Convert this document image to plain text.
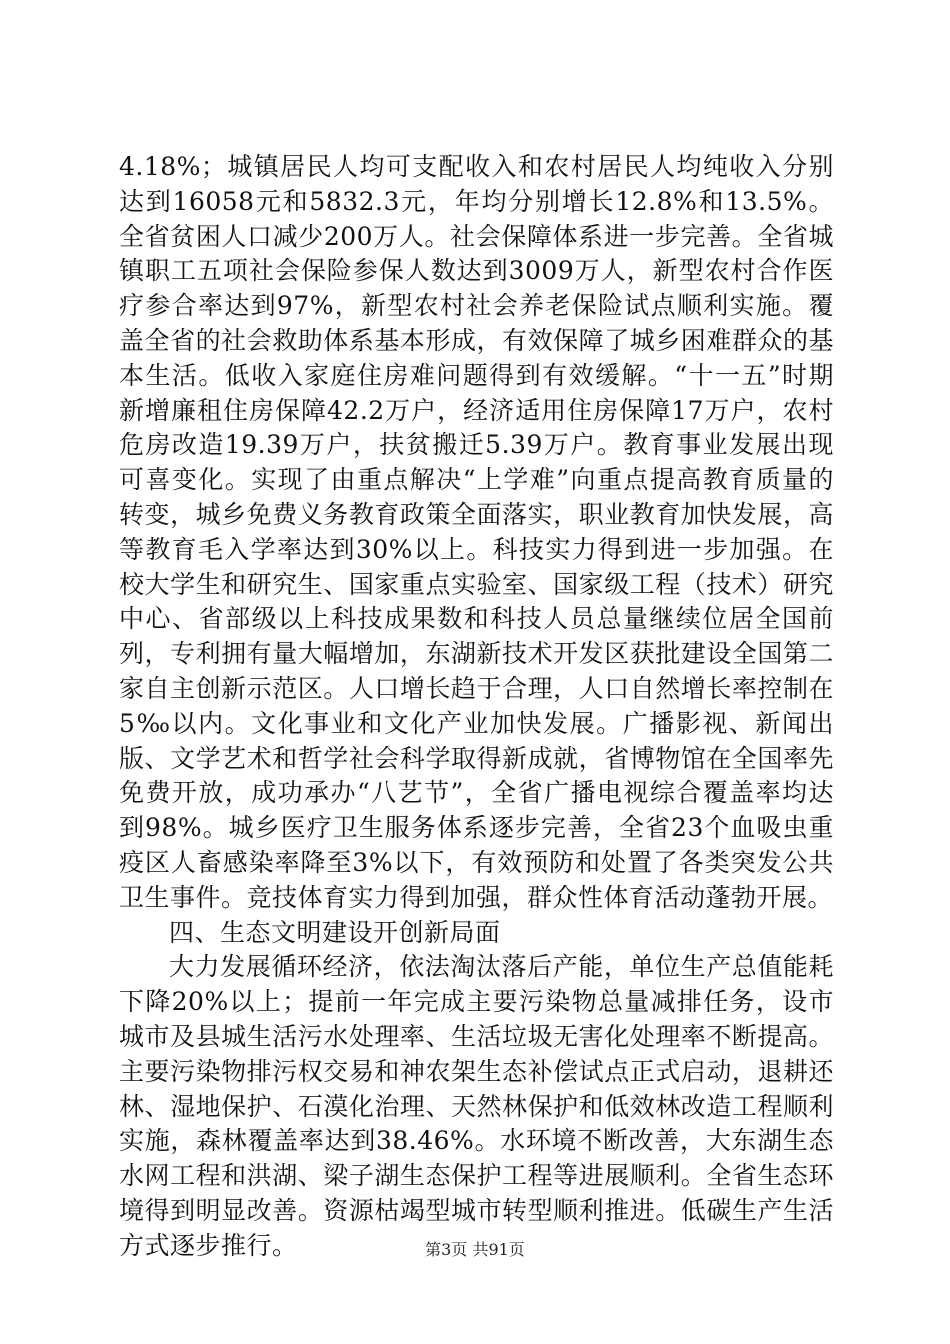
4.18%；城镇居民人均可支配收入和农村居民人均纯收入分别达到16058元和5832.3元，年均分别增长12.8%和13.5%。全省贫困人口减少200万人。社会保障体系进一步完善。全省城镇职工五项社会保险参保人数达到3009万人，新型农村合作医疗参合率达到97%，新型农村社会养老保险试点顺利实施。覆盖全省的社会救助体系基本形成，有效保障了城乡困难群众的基本生活。低收入家庭住房难问题得到有效缓解。“十一五”时期新增廉租住房保障42.2万户，经济适用住房保障17万户，农村危房改造19.39万户，扶贫搬迁5.39万户。教育事业发展出现可喜变化。实现了由重点解决“上学难”向重点提高教育质量的转变，城乡免费义务教育政策全面落实，职业教育加快发展，高等教育毛入学率达到30%以上。科技实力得到进一步加强。在校大学生和研究生、国家重点实验室、国家级工程（技术）研究中心、省部级以上科技成果数和科技人员总量继续位居全国前列，专利拥有量大幅增加，东湖新技术开发区获批建设全国第二家自主创新示范区。人口增长趋于合理，人口自然增长率控制在5‰以内。文化事业和文化产业加快发展。广播影视、新闻出版、文学艺术和哲学社会科学取得新成就，省博物馆在全国率先免费开放，成功承办“八艺节”，全省广播电视综合覆盖率均达到98%。城乡医疗卫生服务体系逐步完善，全省23个血吸虫重疫区人畜感染率降至3%以下，有效预防和处置了各类突发公共卫生事件。竞技体育实力得到加强，群众性体育活动蓬勃开展。

四、生态文明建设开创新局面

大力发展循环经济，依法淘汰落后产能，单位生产总值能耗下降20%以上；提前一年完成主要污染物总量减排任务，设市城市及县城生活污水处理率、生活垃圾无害化处理率不断提高。主要污染物排污权交易和神农架生态补偿试点正式启动，退耕还林、湿地保护、石漠化治理、天然林保护和低效林改造工程顺利实施，森林覆盖率达到38.46%。水环境不断改善，大东湖生态水网工程和洪湖、梁子湖生态保护工程等进展顺利。全省生态环境得到明显改善。资源枯竭型城市转型顺利推进。低碳生产生活方式逐步推行。	第3页 共91页
